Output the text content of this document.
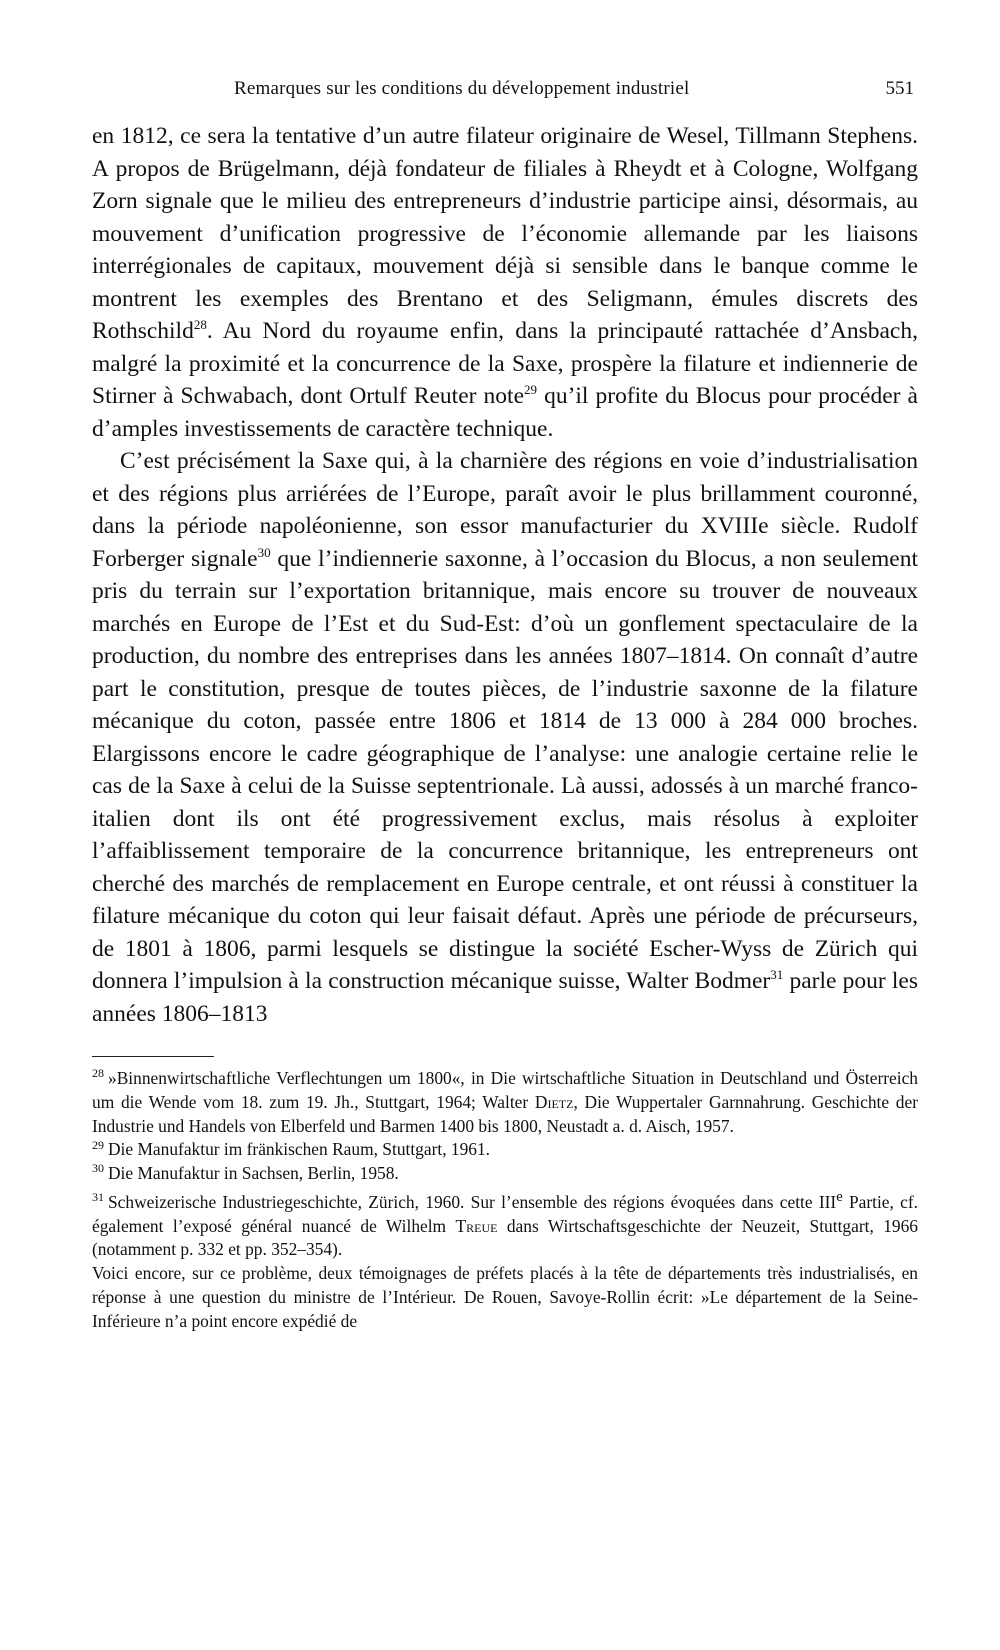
Remarques sur les conditions du développement industriel	551

en 1812, ce sera la tentative d’un autre filateur originaire de Wesel, Tillmann Stephens. A propos de Brügelmann, déjà fondateur de filiales à Rheydt et à Cologne, Wolfgang Zorn signale que le milieu des entrepreneurs d’industrie participe ainsi, désormais, au mouvement d’unification progressive de l’économie allemande par les liaisons interrégionales de capitaux, mouvement déjà si sensible dans le banque comme le montrent les exemples des Brentano et des Seligmann, émules discrets des Rothschild$^{28}$. Au Nord du royaume enfin, dans la principauté rattachée d’Ansbach, malgré la proximité et la concurrence de la Saxe, prospère la filature et indiennerie de Stirner à Schwabach, dont Ortulf Reuter note$^{29}$ qu’il profite du Blocus pour procéder à d’amples investissements de caractère technique.

C’est précisément la Saxe qui, à la charnière des régions en voie d’industrialisation et des régions plus arriérées de l’Europe, paraît avoir le plus brillamment couronné, dans la période napoléonienne, son essor manufacturier du XVIIIe siècle. Rudolf Forberger signale$^{30}$ que l’indiennerie saxonne, à l’occasion du Blocus, a non seulement pris du terrain sur l’exportation britannique, mais encore su trouver de nouveaux marchés en Europe de l’Est et du Sud-Est: d’où un gonflement spectaculaire de la production, du nombre des entreprises dans les années 1807–1814. On connaît d’autre part le constitution, presque de toutes pièces, de l’industrie saxonne de la filature mécanique du coton, passée entre 1806 et 1814 de 13 000 à 284 000 broches. Elargissons encore le cadre géographique de l’analyse: une analogie certaine relie le cas de la Saxe à celui de la Suisse septentrionale. Là aussi, adossés à un marché franco-italien dont ils ont été progressivement exclus, mais résolus à exploiter l’affaiblissement temporaire de la concurrence britannique, les entrepreneurs ont cherché des marchés de remplacement en Europe centrale, et ont réussi à constituer la filature mécanique du coton qui leur faisait défaut. Après une période de précurseurs, de 1801 à 1806, parmi lesquels se distingue la société Escher-Wyss de Zürich qui donnera l’impulsion à la construction mécanique suisse, Walter Bodmer$^{31}$ parle pour les années 1806–1813

$^{28}$ »Binnenwirtschaftliche Verflechtungen um 1800«, in Die wirtschaftliche Situation in Deutschland und Österreich um die Wende vom 18. zum 19. Jh., Stuttgart, 1964; Walter Dietz, Die Wuppertaler Garnnahrung. Geschichte der Industrie und Handels von Elberfeld und Barmen 1400 bis 1800, Neustadt a. d. Aisch, 1957.

$^{29}$ Die Manufaktur im fränkischen Raum, Stuttgart, 1961.

$^{30}$ Die Manufaktur in Sachsen, Berlin, 1958.

$^{31}$ Schweizerische Industriegeschichte, Zürich, 1960. Sur l’ensemble des régions évoquées dans cette IIIe Partie, cf. également l’exposé général nuancé de Wilhelm Treue dans Wirtschaftsgeschichte der Neuzeit, Stuttgart, 1966 (notamment p. 332 et pp. 352–354).

Voici encore, sur ce problème, deux témoignages de préfets placés à la tête de départements très industrialisés, en réponse à une question du ministre de l’Intérieur. De Rouen, Savoye-Rollin écrit: »Le département de la Seine-Inférieure n’a point encore expédié de
